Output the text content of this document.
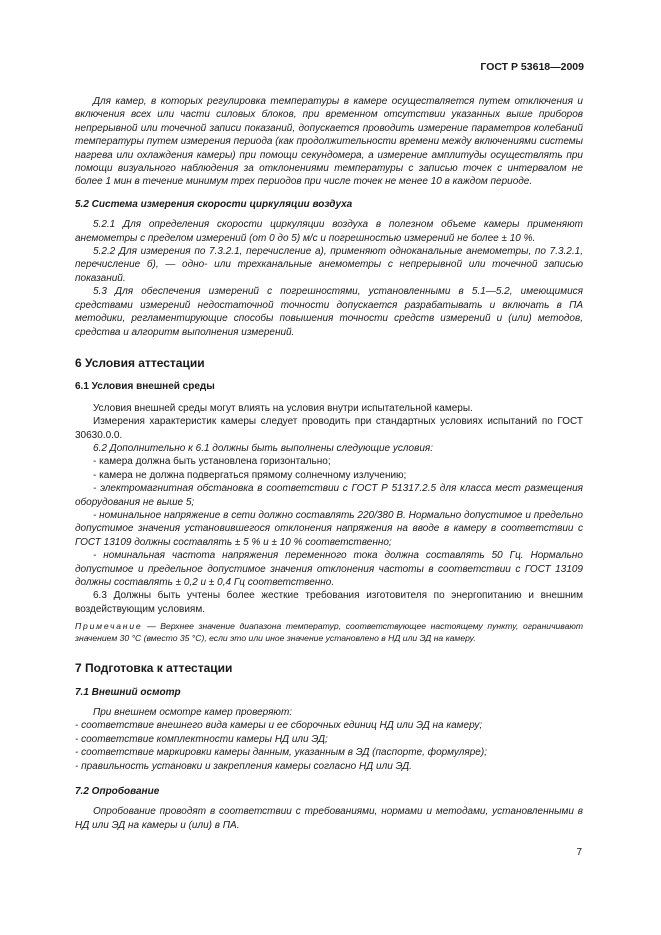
ГОСТ Р 53618—2009

Для камер, в которых регулировка температуры в камере осуществляется путем отключения и включения всех или части силовых блоков, при временном отсутствии указанных выше приборов непрерывной или точечной записи показаний, допускается проводить измерение параметров колебаний температуры путем измерения периода (как продолжительности времени между включениями системы нагрева или охлаждения камеры) при помощи секундомера, а измерение амплитуды осуществлять при помощи визуального наблюдения за отклонениями температуры с записью точек с интервалом не более 1 мин в течение минимум трех периодов при числе точек не менее 10 в каждом периоде.

5.2 Система измерения скорости циркуляции воздуха

5.2.1 Для определения скорости циркуляции воздуха в полезном объеме камеры применяют анемометры с пределом измерений (от 0 до 5) м/с и погрешностью измерений не более ± 10 %.

5.2.2 Для измерения по 7.3.2.1, перечисление а), применяют одноканальные анемометры, по 7.3.2.1, перечисление б), — одно- или трехканальные анемометры с непрерывной или точечной записью показаний.

5.3 Для обеспечения измерений с погрешностями, установленными в 5.1—5.2, имеющимися средствами измерений недостаточной точности допускается разрабатывать и включать в ПА методики, регламентирующие способы повышения точности средств измерений и (или) методов, средства и алгоритм выполнения измерений.

6 Условия аттестации
6.1 Условия внешней среды

Условия внешней среды могут влиять на условия внутри испытательной камеры.

Измерения характеристик камеры следует проводить при стандартных условиях испытаний по ГОСТ 30630.0.0.

6.2 Дополнительно к 6.1 должны быть выполнены следующие условия:

- камера должна быть установлена горизонтально;

- камера не должна подвергаться прямому солнечному излучению;

- электромагнитная обстановка в соответствии с ГОСТ Р 51317.2.5 для класса мест размещения оборудования не выше 5;

- номинальное напряжение в сети должно составлять 220/380 В. Нормально допустимое и предельно допустимое значения установившегося отклонения напряжения на вводе в камеру в соответствии с ГОСТ 13109 должны составлять ± 5 % и ± 10 % соответственно;

- номинальная частота напряжения переменного тока должна составлять 50 Гц. Нормально допустимое и предельное допустимое значения отклонения частоты в соответствии с ГОСТ 13109 должны составлять ± 0,2 и ± 0,4 Гц соответственно.

6.3 Должны быть учтены более жесткие требования изготовителя по энергопитанию и внешним воздействующим условиям.

Примечание — Верхнее значение диапазона температур, соответствующее настоящему пункту, ограничивают значением 30 °С (вместо 35 °С), если это или иное значение установлено в НД или ЭД на камеру.

7 Подготовка к аттестации
7.1 Внешний осмотр

При внешнем осмотре камер проверяют:

- соответствие внешнего вида камеры и ее сборочных единиц НД или ЭД на камеру;

- соответствие комплектности камеры НД или ЭД;

- соответствие маркировки камеры данным, указанным в ЭД (паспорте, формуляре);

- правильность установки и закрепления камеры согласно НД или ЭД.

7.2 Опробование

Опробование проводят в соответствии с требованиями, нормами и методами, установленными в НД или ЭД на камеры и (или) в ПА.

7
